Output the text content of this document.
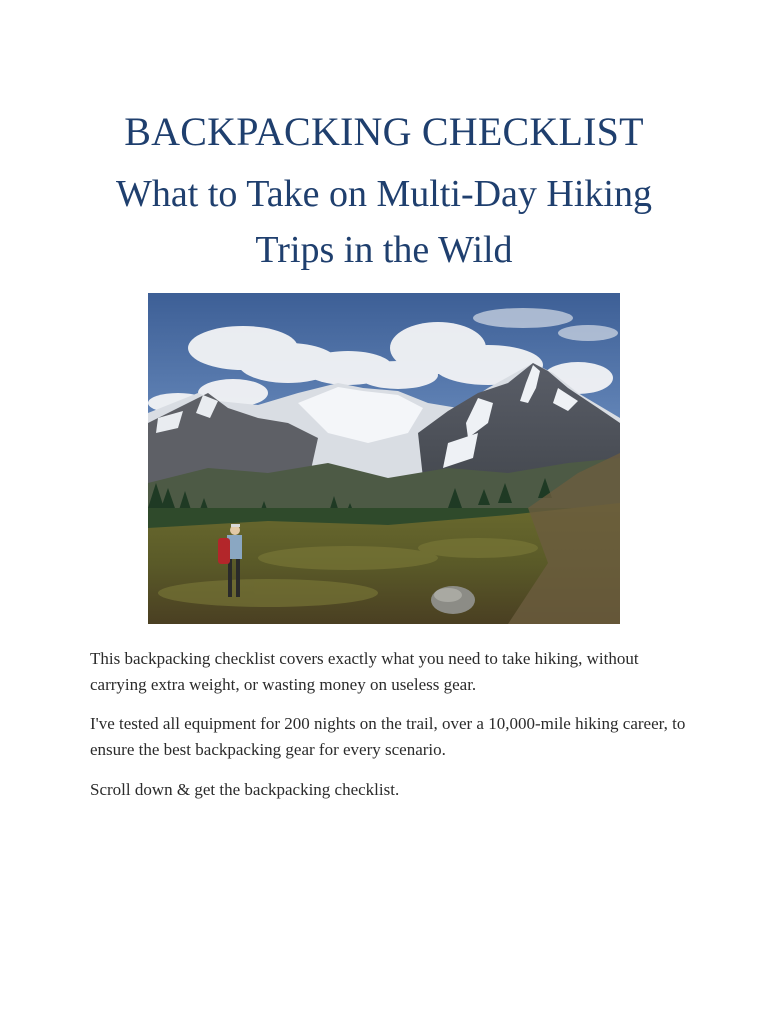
BACKPACKING CHECKLIST
What to Take on Multi-Day Hiking Trips in the Wild

This backpacking checklist covers exactly what you need to take hiking, without carrying extra weight, or wasting money on useless gear.

I've tested all equipment for 200 nights on the trail, over a 10,000-mile hiking career, to ensure the best backpacking gear for every scenario.

Scroll down & get the backpacking checklist.
